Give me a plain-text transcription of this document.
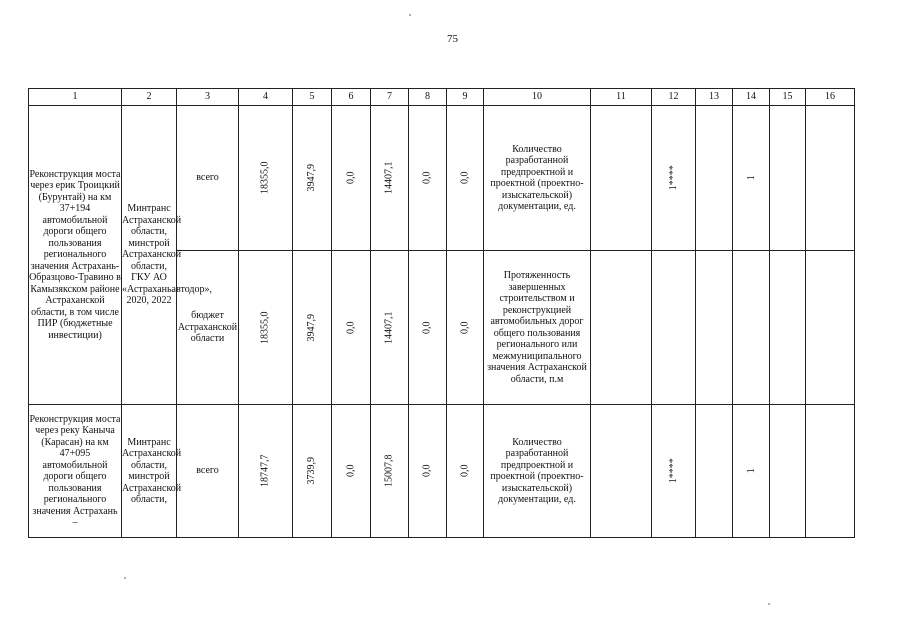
75
1	2	3	4	5	6	7	8	9	10	11	12	13	14	15	16
Реконструкция моста через ерик Троицкий (Бурунтай) на км 37+194 автомобильной дороги общего пользования регионального значения Астрахань-Образцово-Травино в Камызякском районе Астраханской области, в том числе ПИР (бюджетные инвестиции)	Минтранс Астраханской области, минстрой Астраханской области, ГКУ АО «Астраханьавтодор», 2020, 2022	всего	18355,0	3947,9	0,0	14407,1	0,0	0,0	Количество разработанной предпроектной и проектной (проектно-изыскательской) документации, ед.		1****		1		
		бюджет Астраханской области	18355,0	3947,9	0,0	14407,1	0,0	0,0	Протяженность завершенных строительством и реконструкцией автомобильных дорог общего пользования регионального или межмуниципального значения Астраханской области, п.м						
Реконструкция моста через реку Каныча (Карасан) на км 47+095 автомобильной дороги общего пользования регионального значения Астрахань –	Минтранс Астраханской области, минстрой Астраханской области,	всего	18747,7	3739,9	0,0	15007,8	0,0	0,0	Количество разработанной предпроектной и проектной (проектно-изыскательской) документации, ед.		1****		1		
